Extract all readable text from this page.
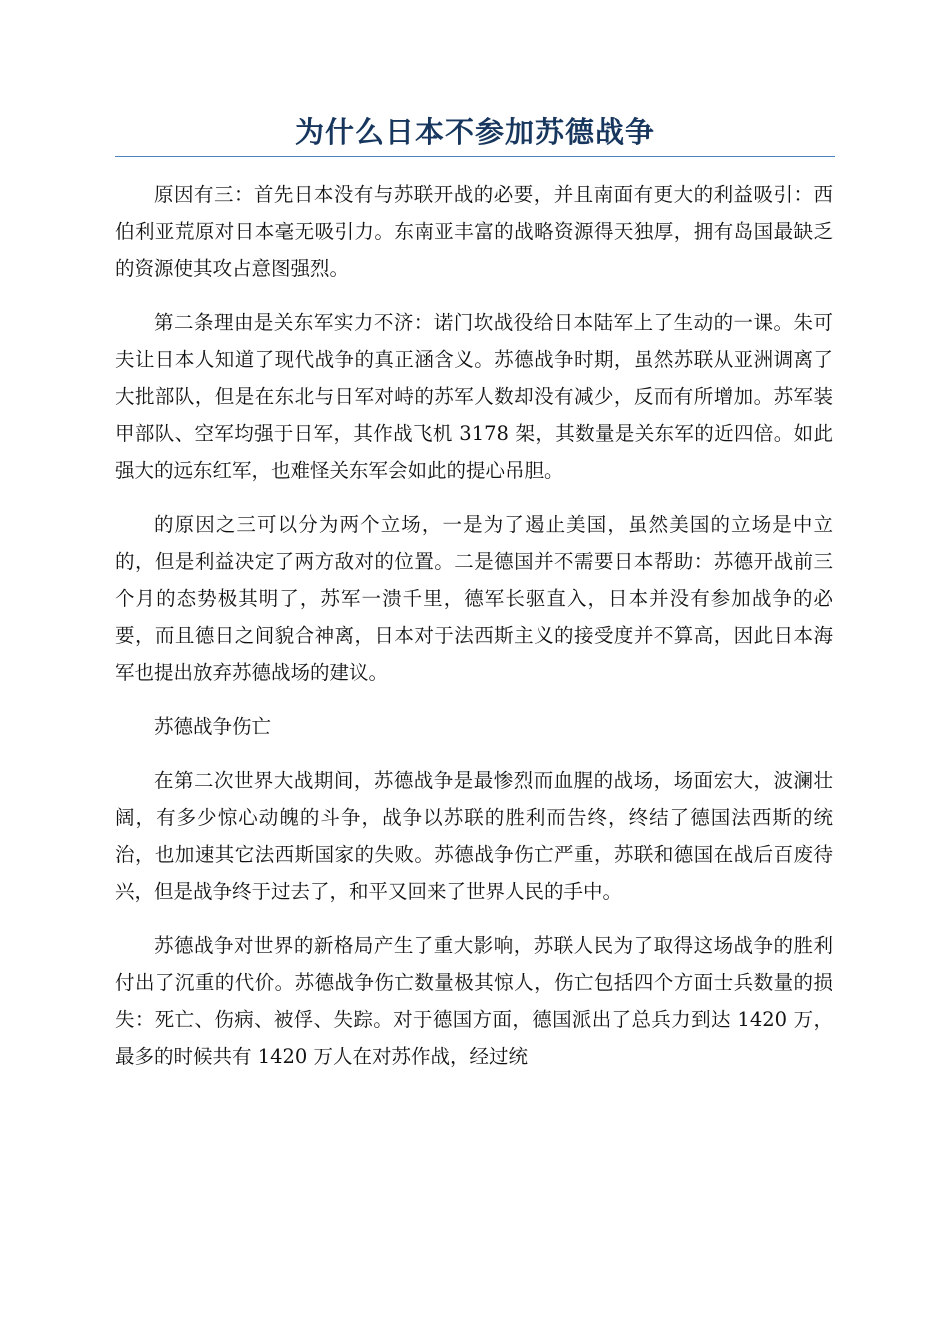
为什么日本不参加苏德战争

原因有三：首先日本没有与苏联开战的必要，并且南面有更大的利益吸引：西伯利亚荒原对日本毫无吸引力。东南亚丰富的战略资源得天独厚，拥有岛国最缺乏的资源使其攻占意图强烈。

第二条理由是关东军实力不济：诺门坎战役给日本陆军上了生动的一课。朱可夫让日本人知道了现代战争的真正涵含义。苏德战争时期，虽然苏联从亚洲调离了大批部队，但是在东北与日军对峙的苏军人数却没有减少，反而有所增加。苏军装甲部队、空军均强于日军，其作战飞机 3178 架，其数量是关东军的近四倍。如此强大的远东红军，也难怪关东军会如此的提心吊胆。

的原因之三可以分为两个立场，一是为了遏止美国，虽然美国的立场是中立的，但是利益决定了两方敌对的位置。二是德国并不需要日本帮助：苏德开战前三个月的态势极其明了，苏军一溃千里，德军长驱直入，日本并没有参加战争的必要，而且德日之间貌合神离，日本对于法西斯主义的接受度并不算高，因此日本海军也提出放弃苏德战场的建议。

苏德战争伤亡

在第二次世界大战期间，苏德战争是最惨烈而血腥的战场，场面宏大，波澜壮阔，有多少惊心动魄的斗争，战争以苏联的胜利而告终，终结了德国法西斯的统治，也加速其它法西斯国家的失败。苏德战争伤亡严重，苏联和德国在战后百废待兴，但是战争终于过去了，和平又回来了世界人民的手中。

苏德战争对世界的新格局产生了重大影响，苏联人民为了取得这场战争的胜利付出了沉重的代价。苏德战争伤亡数量极其惊人，伤亡包括四个方面士兵数量的损失：死亡、伤病、被俘、失踪。对于德国方面，德国派出了总兵力到达 1420 万，最多的时候共有 1420 万人在对苏作战，经过统
